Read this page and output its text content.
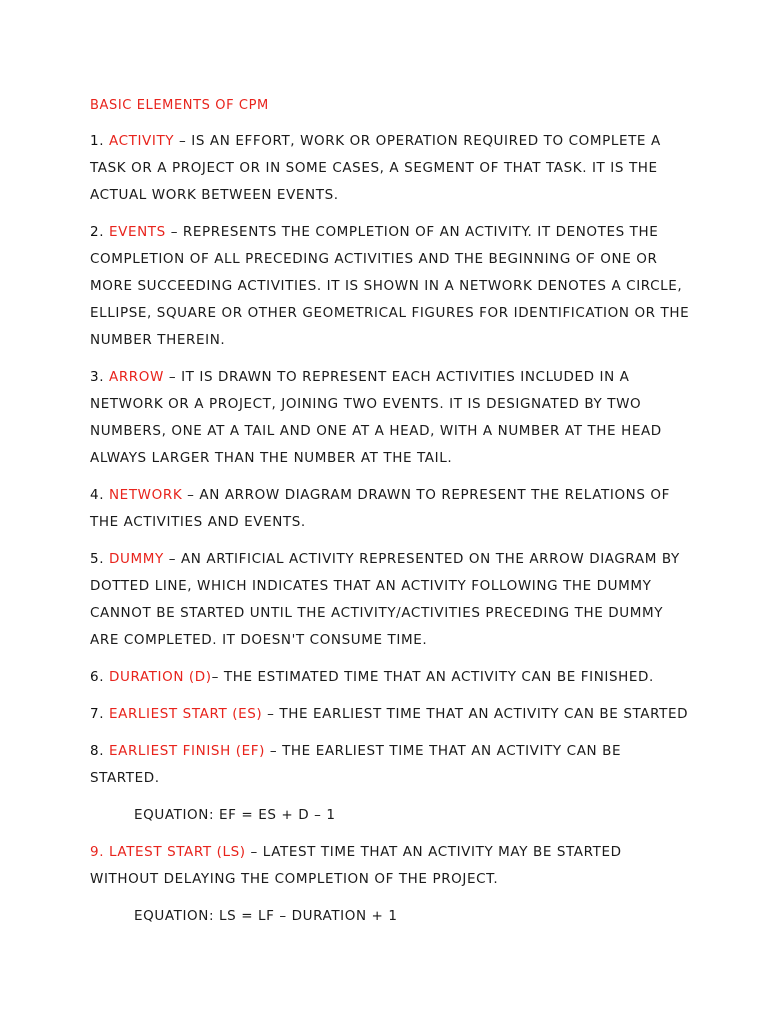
BASIC ELEMENTS OF CPM
1. ACTIVITY – IS AN EFFORT, WORK OR OPERATION REQUIRED TO COMPLETE A TASK OR A PROJECT OR IN SOME CASES, A SEGMENT OF THAT TASK. IT IS THE ACTUAL WORK BETWEEN EVENTS.
2. EVENTS – REPRESENTS THE COMPLETION OF AN ACTIVITY. IT DENOTES THE COMPLETION OF ALL PRECEDING ACTIVITIES AND THE BEGINNING OF ONE OR MORE SUCCEEDING ACTIVITIES. IT IS SHOWN IN A NETWORK DENOTES A CIRCLE, ELLIPSE, SQUARE OR OTHER GEOMETRICAL FIGURES FOR IDENTIFICATION OR THE NUMBER THEREIN.
3. ARROW – IT IS DRAWN TO REPRESENT EACH ACTIVITIES INCLUDED IN A NETWORK OR A PROJECT, JOINING TWO EVENTS. IT IS DESIGNATED BY TWO NUMBERS, ONE AT A TAIL AND ONE AT A HEAD, WITH A NUMBER AT THE HEAD ALWAYS LARGER THAN THE NUMBER AT THE TAIL.
4. NETWORK – AN ARROW DIAGRAM DRAWN TO REPRESENT THE RELATIONS OF THE ACTIVITIES AND EVENTS.
5. DUMMY – AN ARTIFICIAL ACTIVITY REPRESENTED ON THE ARROW DIAGRAM BY DOTTED LINE, WHICH INDICATES THAT AN ACTIVITY FOLLOWING THE DUMMY CANNOT BE STARTED UNTIL THE ACTIVITY/ACTIVITIES PRECEDING THE DUMMY ARE COMPLETED. IT DOESN'T CONSUME TIME.
6. DURATION (D)– THE ESTIMATED TIME THAT AN ACTIVITY CAN BE FINISHED.
7. EARLIEST START (ES) – THE EARLIEST TIME THAT AN ACTIVITY CAN BE STARTED
8. EARLIEST FINISH (EF) – THE EARLIEST TIME THAT AN ACTIVITY CAN BE STARTED.
EQUATION: EF = ES + D – 1
9. LATEST START (LS) – LATEST TIME THAT AN ACTIVITY MAY BE STARTED WITHOUT DELAYING THE COMPLETION OF THE PROJECT.
EQUATION: LS = LF – DURATION + 1
